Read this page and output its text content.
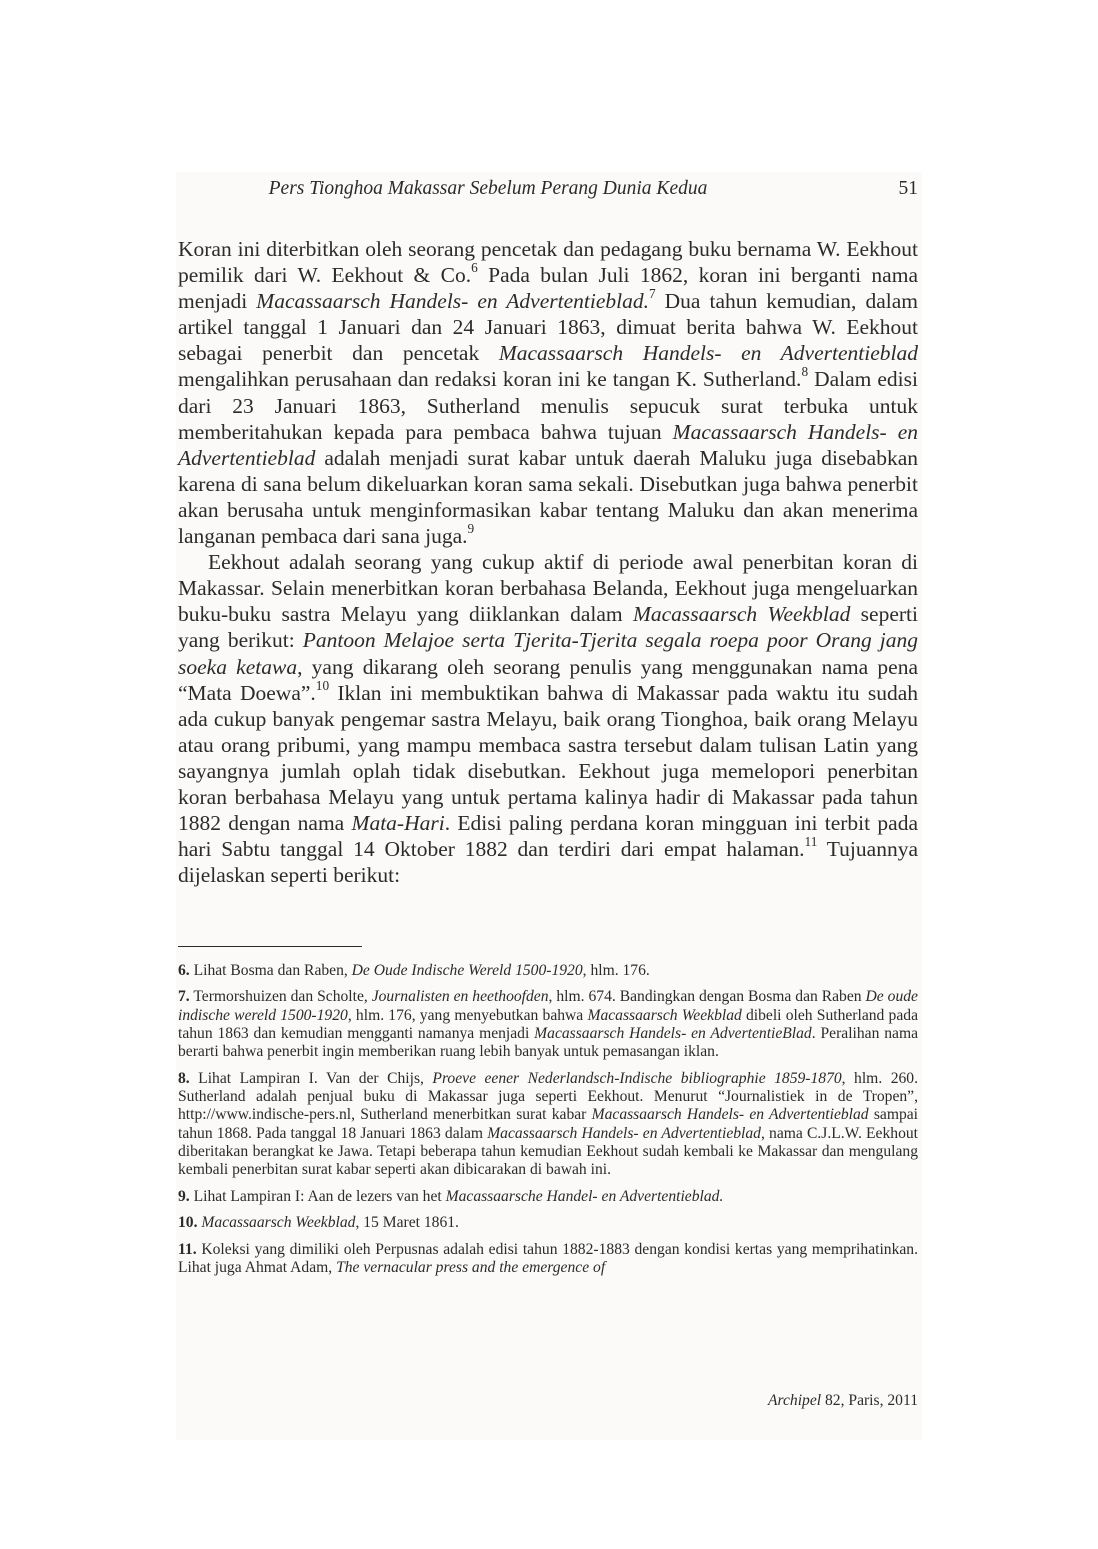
Pers Tionghoa Makassar Sebelum Perang Dunia Kedua	51

Koran ini diterbitkan oleh seorang pencetak dan pedagang buku bernama W. Eekhout pemilik dari W. Eekhout & Co.$^6$ Pada bulan Juli 1862, koran ini berganti nama menjadi Macassaarsch Handels- en Advertentieblad.$^7$ Dua tahun kemudian, dalam artikel tanggal 1 Januari dan 24 Januari 1863, dimuat berita bahwa W. Eekhout sebagai penerbit dan pencetak Macassaarsch Handels- en Advertentieblad mengalihkan perusahaan dan redaksi koran ini ke tangan K. Sutherland.$^8$ Dalam edisi dari 23 Januari 1863, Sutherland menulis sepucuk surat terbuka untuk memberitahukan kepada para pembaca bahwa tujuan Macassaarsch Handels- en Advertentieblad adalah menjadi surat kabar untuk daerah Maluku juga disebabkan karena di sana belum dikeluarkan koran sama sekali. Disebutkan juga bahwa penerbit akan berusaha untuk menginformasikan kabar tentang Maluku dan akan menerima langanan pembaca dari sana juga.$^9$

Eekhout adalah seorang yang cukup aktif di periode awal penerbitan koran di Makassar. Selain menerbitkan koran berbahasa Belanda, Eekhout juga mengeluarkan buku-buku sastra Melayu yang diiklankan dalam Macassaarsch Weekblad seperti yang berikut: Pantoon Melajoe serta Tjerita-Tjerita segala roepa poor Orang jang soeka ketawa, yang dikarang oleh seorang penulis yang menggunakan nama pena “Mata Doewa”.$^{10}$ Iklan ini membuktikan bahwa di Makassar pada waktu itu sudah ada cukup banyak pengemar sastra Melayu, baik orang Tionghoa, baik orang Melayu atau orang pribumi, yang mampu membaca sastra tersebut dalam tulisan Latin yang sayangnya jumlah oplah tidak disebutkan. Eekhout juga memelopori penerbitan koran berbahasa Melayu yang untuk pertama kalinya hadir di Makassar pada tahun 1882 dengan nama Mata-Hari. Edisi paling perdana koran mingguan ini terbit pada hari Sabtu tanggal 14 Oktober 1882 dan terdiri dari empat halaman.$^{11}$ Tujuannya dijelaskan seperti berikut:

6. Lihat Bosma dan Raben, De Oude Indische Wereld 1500-1920, hlm. 176.

7. Termorshuizen dan Scholte, Journalisten en heethoofden, hlm. 674. Bandingkan dengan Bosma dan Raben De oude indische wereld 1500-1920, hlm. 176, yang menyebutkan bahwa Macassaarsch Weekblad dibeli oleh Sutherland pada tahun 1863 dan kemudian mengganti namanya menjadi Macassaarsch Handels- en AdvertentieBlad. Peralihan nama berarti bahwa penerbit ingin memberikan ruang lebih banyak untuk pemasangan iklan.

8. Lihat Lampiran I. Van der Chijs, Proeve eener Nederlandsch-Indische bibliographie 1859-1870, hlm. 260. Sutherland adalah penjual buku di Makassar juga seperti Eekhout. Menurut “Journalistiek in de Tropen”, http://www.indische-pers.nl, Sutherland menerbitkan surat kabar Macassaarsch Handels- en Advertentieblad sampai tahun 1868. Pada tanggal 18 Januari 1863 dalam Macassaarsch Handels- en Advertentieblad, nama C.J.L.W. Eekhout diberitakan berangkat ke Jawa. Tetapi beberapa tahun kemudian Eekhout sudah kembali ke Makassar dan mengulang kembali penerbitan surat kabar seperti akan dibicarakan di bawah ini.

9. Lihat Lampiran I: Aan de lezers van het Macassaarsche Handel- en Advertentieblad.

10. Macassaarsch Weekblad, 15 Maret 1861.

11. Koleksi yang dimiliki oleh Perpusnas adalah edisi tahun 1882-1883 dengan kondisi kertas yang memprihatinkan. Lihat juga Ahmat Adam, The vernacular press and the emergence of

Archipel 82, Paris, 2011
